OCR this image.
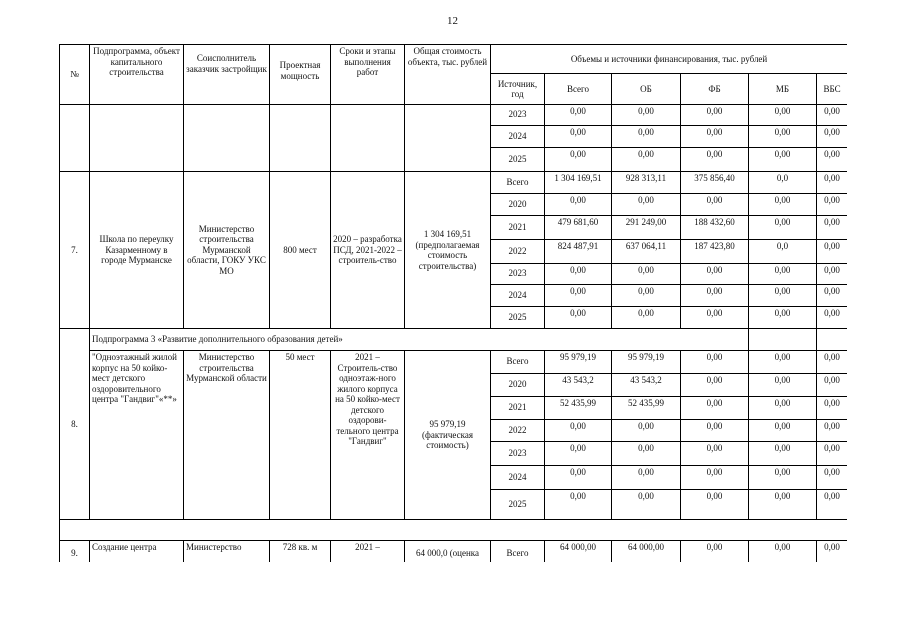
12
№	Подпрограмма, объект капитального строительства	Соисполнитель заказчик застройщик	Проектная мощность	Сроки и этапы выполнения работ	Общая стоимость объекта, тыс. рублей	Объемы и источники финансирования, тыс. рублей					
						Источник, год	Всего	ОБ	ФБ	МБ	ВБС
						2023	0,00	0,00	0,00	0,00	0,00
						2024	0,00	0,00	0,00	0,00	0,00
						2025	0,00	0,00	0,00	0,00	0,00
7.	Школа по переулку Казарменному в городе Мурманске	Министерство строительства Мурманской области, ГОКУ УКС МО	800 мест	2020 – разработка ПСД, 2021-2022 – строитель-ство	1 304 169,51 (предполагаемая стоимость строительства)	Всего	1 304 169,51	928 313,11	375 856,40	0,0	0,00
						2020	0,00	0,00	0,00	0,00	0,00
						2021	479 681,60	291 249,00	188 432,60	0,00	0,00
						2022	824 487,91	637 064,11	187 423,80	0,0	0,00
						2023	0,00	0,00	0,00	0,00	0,00
						2024	0,00	0,00	0,00	0,00	0,00
						2025	0,00	0,00	0,00	0,00	0,00
8.	Подпрограмма 3 «Развитие дополнительного образования детей»										
	"Одноэтажный жилой корпус на 50 койко-мест детского оздоровительного центра "Гандвиг"«**»	Министерство строительства Мурманской области	50 мест	2021 – Строитель-ство одноэтаж-ного жилого корпуса на 50 койко-мест детского оздорови-тельного центра "Гандвиг"	95 979,19 (фактическая стоимость)	Всего	95 979,19	95 979,19	0,00	0,00	0,00
						2020	43 543,2	43 543,2	0,00	0,00	0,00
						2021	52 435,99	52 435,99	0,00	0,00	0,00
						2022	0,00	0,00	0,00	0,00	0,00
						2023	0,00	0,00	0,00	0,00	0,00
						2024	0,00	0,00	0,00	0,00	0,00
						2025	0,00	0,00	0,00	0,00	0,00

9.	Создание центра	Министерство	728 кв. м	2021 –	64 000,0 (оценка	Всего	64 000,00	64 000,00	0,00	0,00	0,00
